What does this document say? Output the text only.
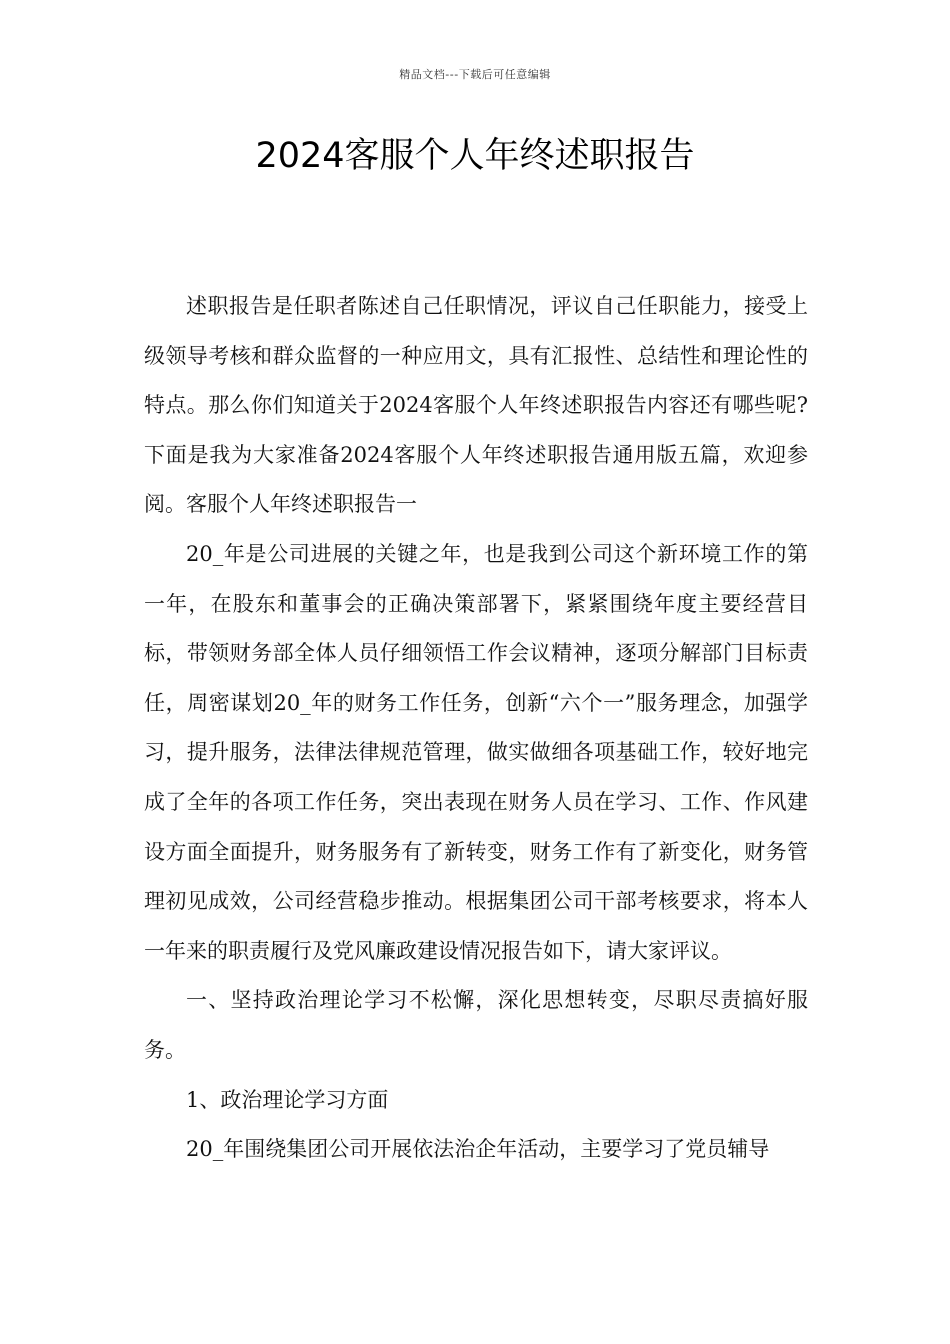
精品文档---下载后可任意编辑
2024客服个人年终述职报告

述职报告是任职者陈述自己任职情况，评议自己任职能力，接受上级领导考核和群众监督的一种应用文，具有汇报性、总结性和理论性的特点。那么你们知道关于2024客服个人年终述职报告内容还有哪些呢?下面是我为大家准备2024客服个人年终述职报告通用版五篇，欢迎参阅。客服个人年终述职报告一

20_年是公司进展的关键之年，也是我到公司这个新环境工作的第一年，在股东和董事会的正确决策部署下，紧紧围绕年度主要经营目标，带领财务部全体人员仔细领悟工作会议精神，逐项分解部门目标责任，周密谋划20_年的财务工作任务，创新“六个一”服务理念，加强学习，提升服务，法律法律规范管理，做实做细各项基础工作，较好地完成了全年的各项工作任务，突出表现在财务人员在学习、工作、作风建设方面全面提升，财务服务有了新转变，财务工作有了新变化，财务管理初见成效，公司经营稳步推动。根据集团公司干部考核要求，将本人一年来的职责履行及党风廉政建设情况报告如下，请大家评议。

一、坚持政治理论学习不松懈，深化思想转变，尽职尽责搞好服务。

1、政治理论学习方面

20_年围绕集团公司开展依法治企年活动，主要学习了党员辅导
